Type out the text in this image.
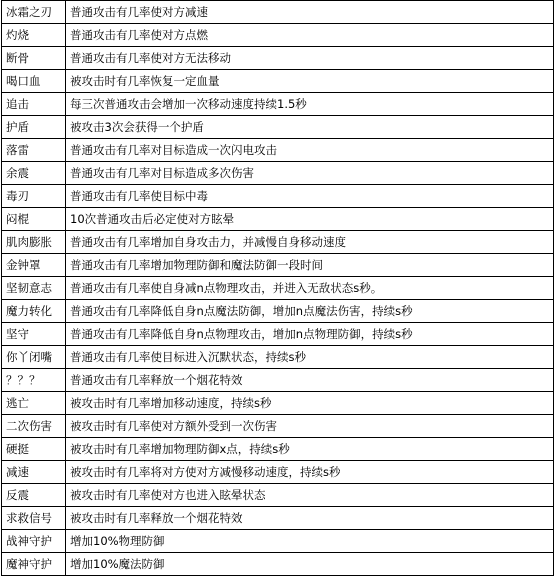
冰霜之刃	普通攻击有几率使对方减速
灼烧	普通攻击有几率使对方点燃
断骨	普通攻击有几率使对方无法移动
喝口血	被攻击时有几率恢复一定血量
追击	每三次普通攻击会增加一次移动速度持续1.5秒
护盾	被攻击3次会获得一个护盾
落雷	普通攻击有几率对目标造成一次闪电攻击
余震	普通攻击有几率对目标造成多次伤害
毒刃	普通攻击有几率使目标中毒
闷棍	10次普通攻击后必定使对方眩晕
肌肉膨胀	普通攻击有几率增加自身攻击力，并减慢自身移动速度
金钟罩	普通攻击有几率增加物理防御和魔法防御一段时间
坚韧意志	普通攻击有几率使自身减n点物理攻击，并进入无敌状态s秒。
魔力转化	普通攻击有几率降低自身n点魔法防御，增加n点魔法伤害，持续s秒
坚守	普通攻击有几率降低自身n点物理攻击，增加n点物理防御，持续s秒
你丫闭嘴	普通攻击有几率使目标进入沉默状态，持续s秒
？？？	普通攻击有几率释放一个烟花特效
逃亡	被攻击时有几率增加移动速度，持续s秒
二次伤害	被攻击时有几率使对方额外受到一次伤害
硬挺	被攻击时有几率增加物理防御x点，持续s秒
减速	被攻击时有几率将对方使对方减慢移动速度，持续s秒
反震	被攻击时有几率使对方也进入眩晕状态
求救信号	被攻击时有几率释放一个烟花特效
战神守护	增加10%物理防御
魔神守护	增加10%魔法防御
